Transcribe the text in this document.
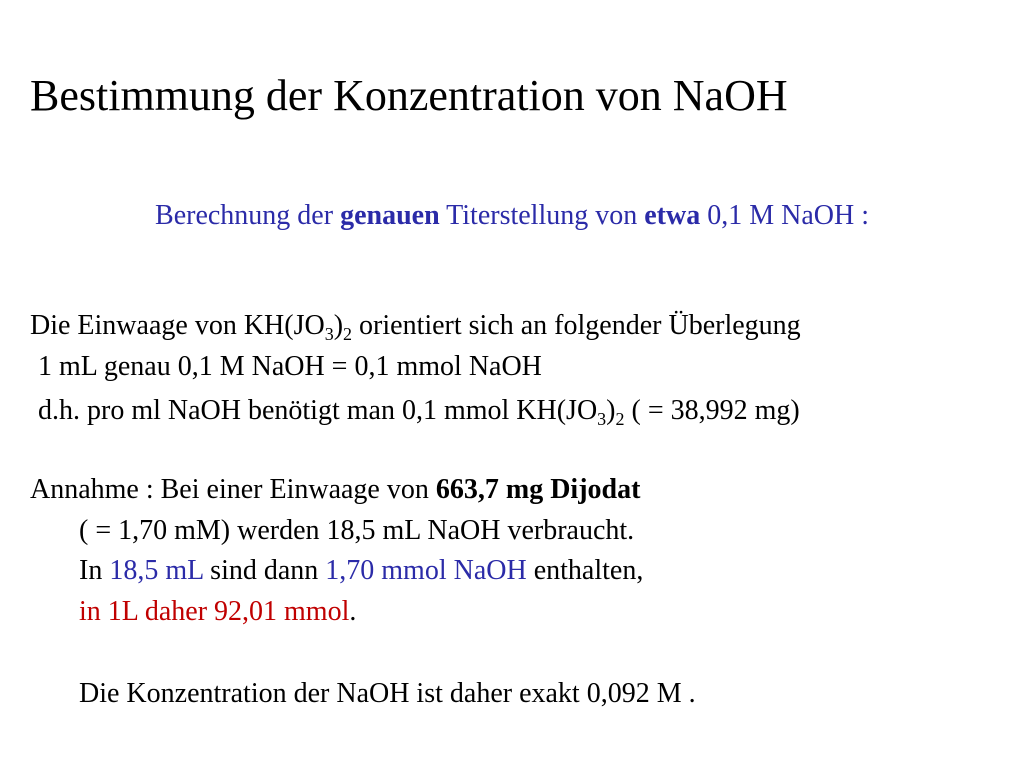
Bestimmung der Konzentration von NaOH
Berechnung der genauen Titerstellung von etwa 0,1 M NaOH :
Die Einwaage von $KH(JO_3)_2$ orientiert sich an folgender Überlegung
1 mL genau 0,1 M NaOH = 0,1 mmol NaOH
d.h. pro ml NaOH benötigt man 0,1 mmol $KH(JO_3)_2$ ( = 38,992 mg)
Annahme : Bei einer Einwaage von 663,7 mg Dijodat
( = 1,70 mM) werden 18,5 mL NaOH verbraucht.
In 18,5 mL sind dann 1,70 mmol NaOH enthalten,
in 1L daher 92,01 mmol.
Die Konzentration der NaOH ist daher exakt 0,092 M .
